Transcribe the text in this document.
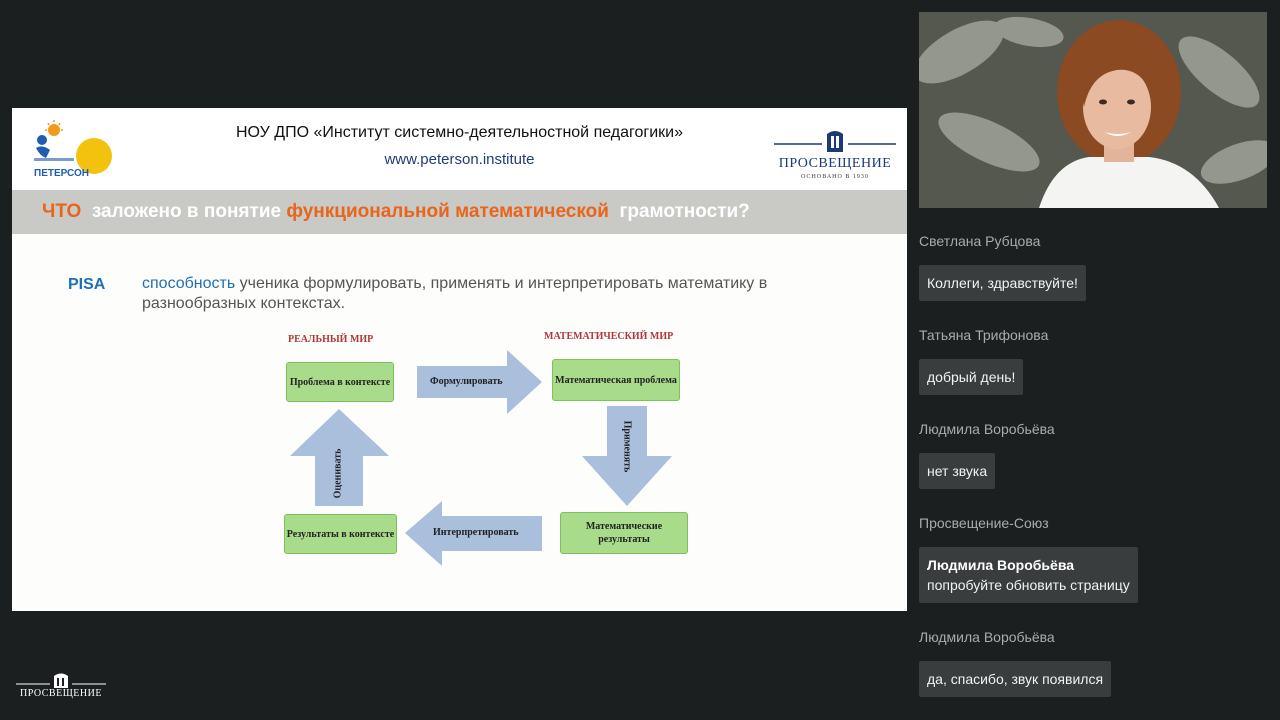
ПЕТЕРСОН
НОУ ДПО «Институт системно-деятельностной педагогики»
www.peterson.institute	ПРОСВЕЩЕНИЕ
ОСНОВАНО В 1930
ЧТО заложено в понятие функциональной математической грамотности?
PISA способность ученика формулировать, применять и интерпретировать математику в разнообразных контекстах.
РЕАЛЬНЫЙ МИР	МАТЕМАТИЧЕСКИЙ МИР
Проблема в контексте	Математическая проблема
Результаты в контексте
Математические результаты
Формулировать
Интерпретировать
Применять
Оценивать
Светлана Рубцова
Коллеги, здравствуйте!
Татьяна Трифонова
добрый день!
Людмила Воробьёва
нет звука
Просвещение-Союз
Людмила Воробьёва
попробуйте обновить страницу
Людмила Воробьёва
да, спасибо, звук появился
ПРОСВЕЩЕНИЕ
